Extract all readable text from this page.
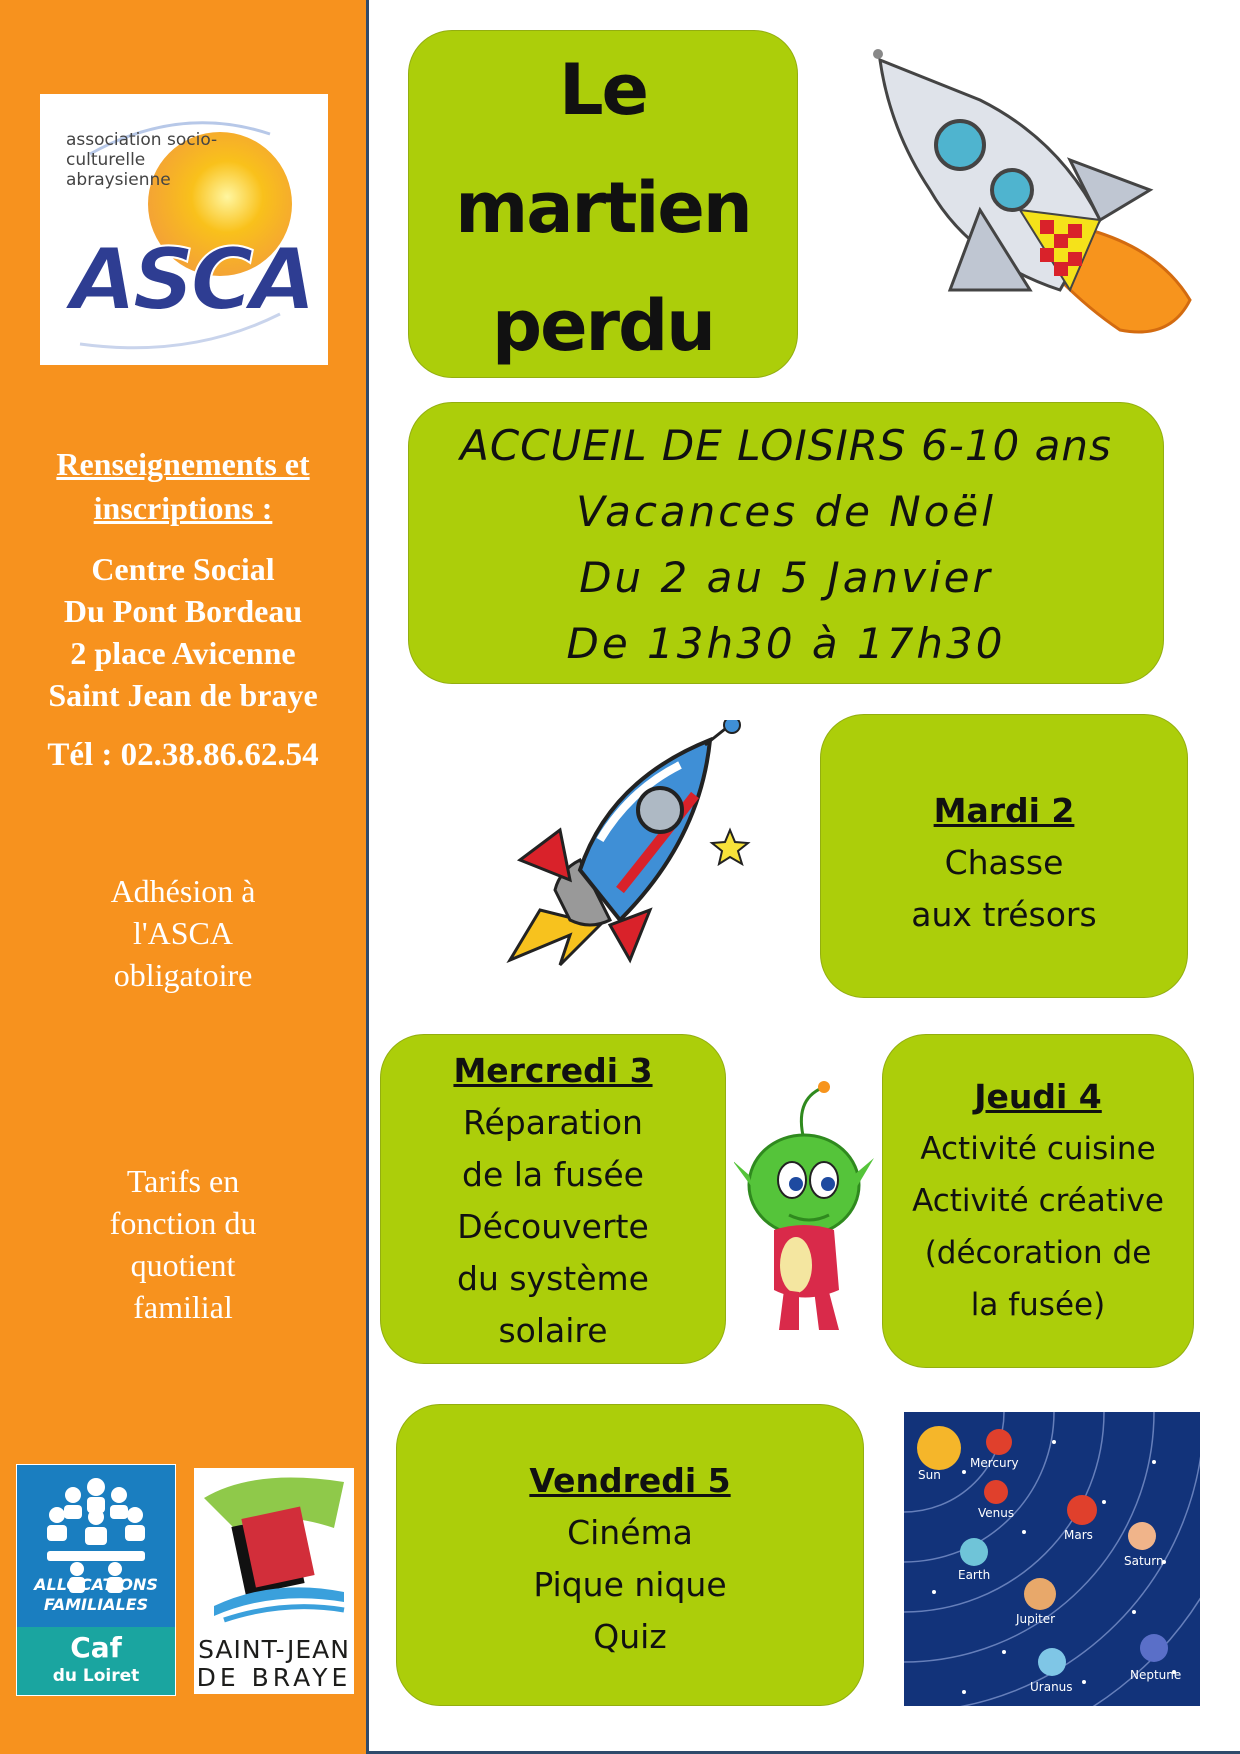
ASCA
association socio-culturelle abraysienne
Renseignements et inscriptions :
Centre Social
Du Pont Bordeau
2 place Avicenne
Saint Jean de braye
Tél : 02.38.86.62.54
Adhésion à
l'ASCA
obligatoire
Tarifs en
fonction du
quotient
familial
ALLOCATIONS
FAMILIALES
Caf
du Loiret
SAINT-JEAN
DE BRAYE
Le
martien
perdu
ACCUEIL DE LOISIRS 6-10 ans
Vacances de Noël
Du 2 au 5 Janvier
De 13h30 à 17h30
Mardi 2
Chasse
aux trésors
Mercredi 3
Réparation
de la fusée
Découverte
du système
solaire
Jeudi 4
Activité cuisine
Activité créative
(décoration de
la fusée)
Vendredi 5
Cinéma
Pique nique
Quiz
Sun
Mercury
Venus
Earth
Mars
Jupiter
Saturn
Uranus
Neptune
